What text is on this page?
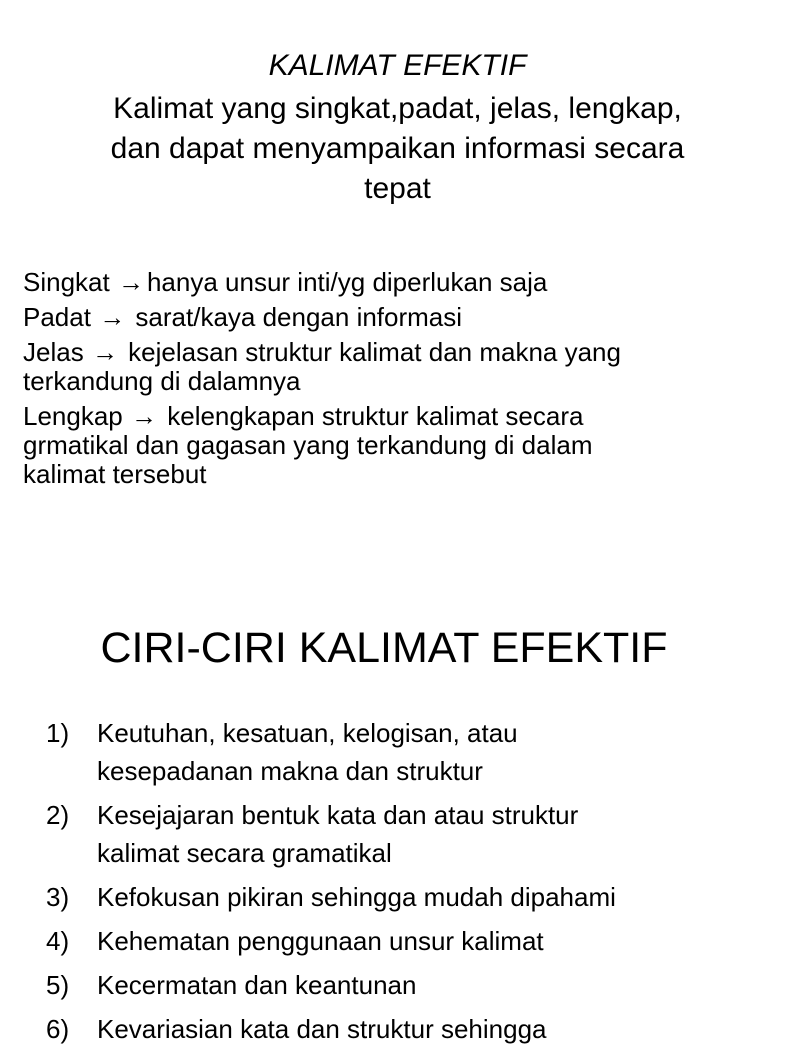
KALIMAT EFEKTIF
Kalimat yang singkat,padat, jelas, lengkap,
dan dapat menyampaikan informasi secara
tepat
Singkat → hanya unsur inti/yg diperlukan saja
Padat → sarat/kaya dengan informasi
Jelas → kejelasan struktur kalimat dan makna yang
terkandung di dalamnya
Lengkap → kelengkapan struktur kalimat secara
grmatikal dan gagasan yang terkandung di dalam
kalimat tersebut
CIRI-CIRI KALIMAT EFEKTIF
1)	Keutuhan, kesatuan, kelogisan, atau
kesepadanan makna dan struktur
2)	Kesejajaran bentuk kata dan atau struktur
kalimat secara gramatikal
3)	Kefokusan pikiran sehingga mudah dipahami
4)	Kehematan penggunaan unsur kalimat
5)	Kecermatan dan keantunan
6)	Kevariasian kata dan struktur sehingga
